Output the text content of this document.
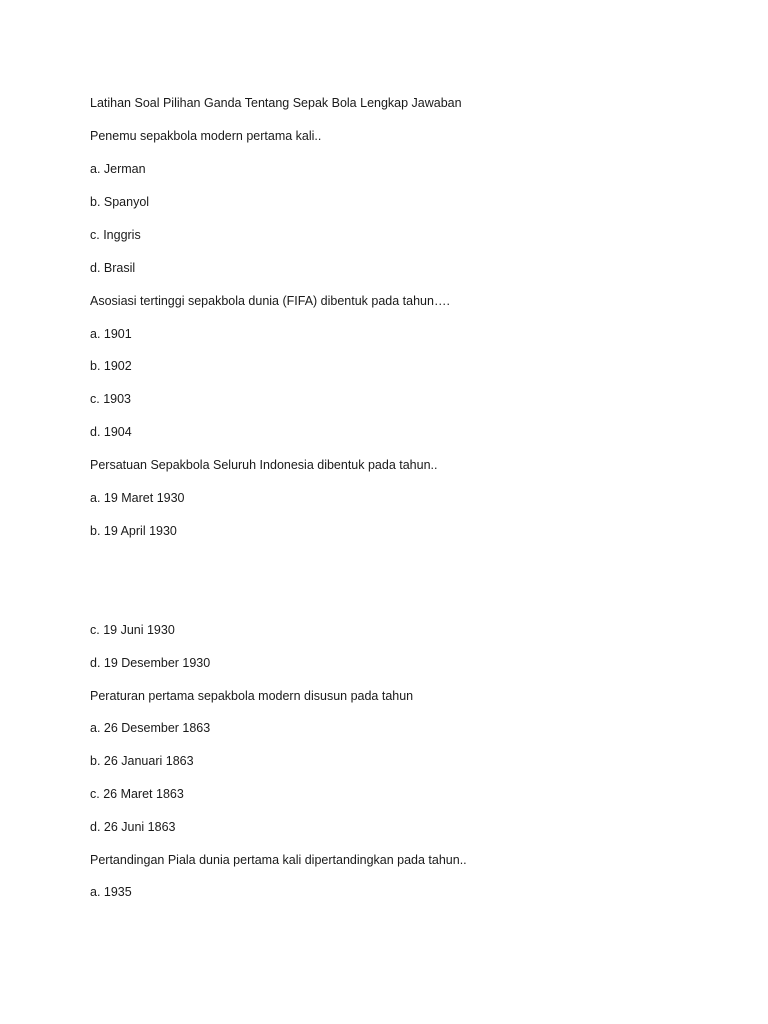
Latihan Soal Pilihan Ganda Tentang Sepak Bola Lengkap Jawaban
Penemu sepakbola modern pertama kali..
a. Jerman
b. Spanyol
c. Inggris
d. Brasil
Asosiasi tertinggi sepakbola dunia (FIFA) dibentuk pada tahun….
a. 1901
b. 1902
c. 1903
d. 1904
Persatuan Sepakbola Seluruh Indonesia dibentuk pada tahun..
a. 19 Maret 1930
b. 19 April 1930
c. 19 Juni 1930
d. 19 Desember 1930
Peraturan pertama sepakbola modern disusun pada tahun
a. 26 Desember 1863
b. 26 Januari 1863
c. 26 Maret 1863
d. 26 Juni 1863
Pertandingan Piala dunia pertama kali dipertandingkan pada tahun..
a. 1935
